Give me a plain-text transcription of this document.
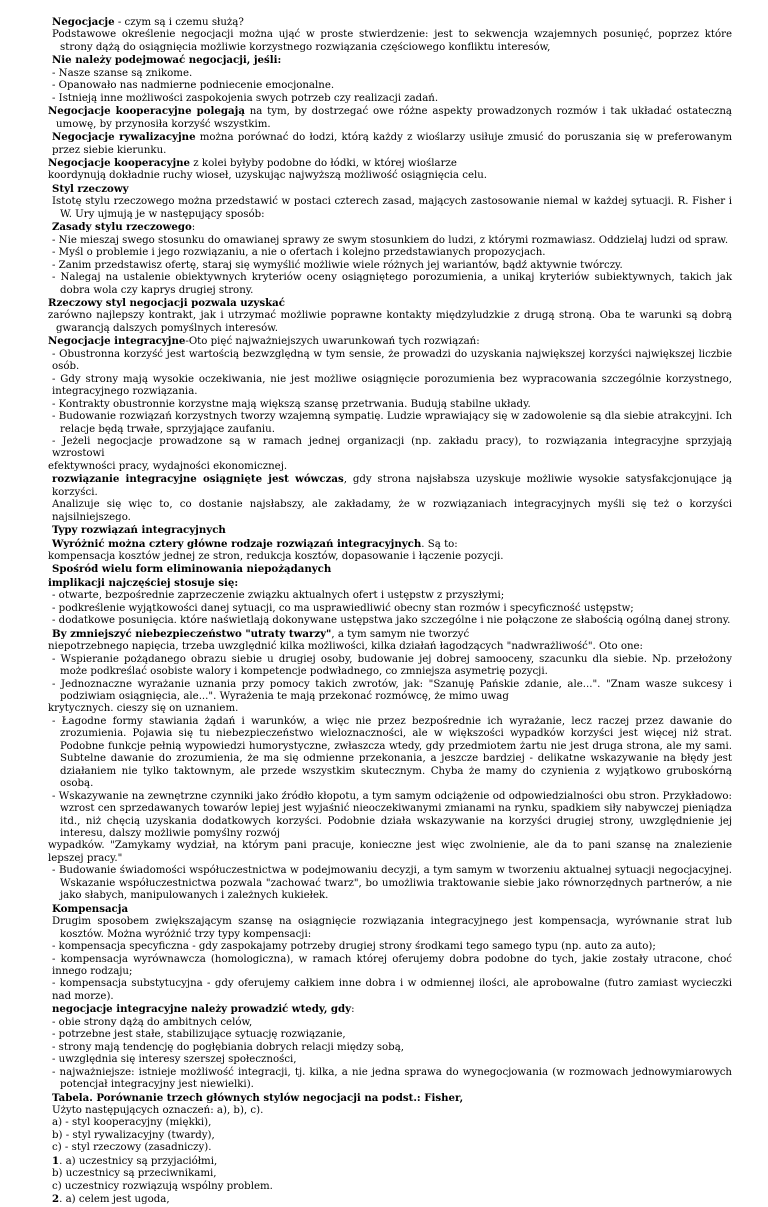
Negocjacje - czym są i czemu służą?

Podstawowe określenie negocjacji można ująć w proste stwierdzenie: jest to sekwencja wzajemnych posunięć, poprzez które strony dążą do osiągnięcia możliwie korzystnego rozwiązania częściowego konfliktu interesów,

Nie należy podejmować negocjacji, jeśli:

- Nasze szanse są znikome.

- Opanowało nas nadmierne podniecenie emocjonalne.

- Istnieją inne możliwości zaspokojenia swych potrzeb czy realizacji zadań.

Negocjacje kooperacyjne polegają na tym, by dostrzegać owe różne aspekty prowadzonych rozmów i tak układać ostateczną umowę, by przynosiła korzyść wszystkim.

Negocjacje rywalizacyjne można porównać do łodzi, którą każdy z wioślarzy usiłuje zmusić do poruszania się w preferowanym przez siebie kierunku.

Negocjacje kooperacyjne z kolei byłyby podobne do łódki, w której wioślarze

koordynują dokładnie ruchy wioseł, uzyskując najwyższą możliwość osiągnięcia celu.

Styl rzeczowy

Istotę stylu rzeczowego można przedstawić w postaci czterech zasad, mających zastosowanie niemal w każdej sytuacji. R. Fisher i W. Ury ujmują je w następujący sposób:

Zasady stylu rzeczowego:

- Nie mieszaj swego stosunku do omawianej sprawy ze swym stosunkiem do ludzi, z którymi rozmawiasz. Oddzielaj ludzi od spraw.

- Myśl o problemie i jego rozwiązaniu, a nie o ofertach i kolejno przedstawianych propozycjach.

- Zanim przedstawisz ofertę, staraj się wymyślić możliwie wiele różnych jej wariantów, bądź aktywnie twórczy.

- Nalegaj na ustalenie obiektywnych kryteriów oceny osiągniętego porozumienia, a unikaj kryteriów subiektywnych, takich jak dobra wola czy kaprys drugiej strony.

Rzeczowy styl negocjacji pozwala uzyskać

zarówno najlepszy kontrakt, jak i utrzymać możliwie poprawne kontakty międzyludzkie z drugą stroną. Oba te warunki są dobrą gwarancją dalszych pomyślnych interesów.

Negocjacje integracyjne-Oto pięć najważniejszych uwarunkowań tych rozwiązań:

- Obustronna korzyść jest wartością bezwzględną w tym sensie, że prowadzi do uzyskania największej korzyści największej liczbie osób.

- Gdy strony mają wysokie oczekiwania, nie jest możliwe osiągnięcie porozumienia bez wypracowania szczególnie korzystnego, integracyjnego rozwiązania.

- Kontrakty obustronnie korzystne mają większą szansę przetrwania. Budują stabilne układy.

- Budowanie rozwiązań korzystnych tworzy wzajemną sympatię. Ludzie wprawiający się w zadowolenie są dla siebie atrakcyjni. Ich relacje będą trwałe, sprzyjające zaufaniu.

- Jeżeli negocjacje prowadzone są w ramach jednej organizacji (np. zakładu pracy), to rozwiązania integracyjne sprzyjają wzrostowi

efektywności pracy, wydajności ekonomicznej.

rozwiązanie integracyjne osiągnięte jest wówczas, gdy strona najsłabsza uzyskuje możliwie wysokie satysfakcjonujące ją korzyści.

Analizuje się więc to, co dostanie najsłabszy, ale zakładamy, że w rozwiązaniach integracyjnych myśli się też o korzyści najsilniejszego.

Typy rozwiązań integracyjnych

Wyróżnić można cztery główne rodzaje rozwiązań integracyjnych. Są to:

kompensacja kosztów jednej ze stron, redukcja kosztów, dopasowanie i łączenie pozycji.

Spośród wielu form eliminowania niepożądanych

implikacji najczęściej stosuje się:

- otwarte, bezpośrednie zaprzeczenie związku aktualnych ofert i ustępstw z przyszłymi;

- podkreślenie wyjątkowości danej sytuacji, co ma usprawiedliwić obecny stan rozmów i specyficzność ustępstw;

- dodatkowe posunięcia. które naświetlają dokonywane ustępstwa jako szczególne i nie połączone ze słabością ogólną danej strony.

By zmniejszyć niebezpieczeństwo "utraty twarzy", a tym samym nie tworzyć

niepotrzebnego napięcia, trzeba uwzględnić kilka możliwości, kilka działań łagodzących "nadwrażliwość". Oto one:

- Wspieranie pożądanego obrazu siebie u drugiej osoby, budowanie jej dobrej samooceny, szacunku dla siebie. Np. przełożony może podkreślać osobiste walory i kompetencje podwładnego, co zmniejsza asymetrię pozycji.

- Jednoznaczne wyrażanie uznania przy pomocy takich zwrotów, jak: "Szanuję Pańskie zdanie, ale...". "Znam wasze sukcesy i podziwiam osiągnięcia, ale...". Wyrażenia te mają przekonać rozmówcę, że mimo uwag

krytycznych. cieszy się on uznaniem.

- Łagodne formy stawiania żądań i warunków, a więc nie przez bezpośrednie ich wyrażanie, lecz raczej przez dawanie do zrozumienia. Pojawia się tu niebezpieczeństwo wieloznaczności, ale w większości wypadków korzyści jest więcej niż strat. Podobne funkcje pełnią wypowiedzi humorystyczne, zwłaszcza wtedy, gdy przedmiotem żartu nie jest druga strona, ale my sami. Subtelne dawanie do zrozumienia, że ma się odmienne przekonania, a jeszcze bardziej - delikatne wskazywanie na błędy jest działaniem nie tylko taktownym, ale przede wszystkim skutecznym. Chyba że mamy do czynienia z wyjątkowo gruboskórną osobą.

- Wskazywanie na zewnętrzne czynniki jako źródło kłopotu, a tym samym odciążenie od odpowiedzialności obu stron. Przykładowo: wzrost cen sprzedawanych towarów lepiej jest wyjaśnić nieoczekiwanymi zmianami na rynku, spadkiem siły nabywczej pieniądza itd., niż chęcią uzyskania dodatkowych korzyści. Podobnie działa wskazywanie na korzyści drugiej strony, uwzględnienie jej interesu, dalszy możliwie pomyślny rozwój

wypadków. "Zamykamy wydział, na którym pani pracuje, konieczne jest więc zwolnienie, ale da to pani szansę na znalezienie lepszej pracy."

- Budowanie świadomości współuczestnictwa w podejmowaniu decyzji, a tym samym w tworzeniu aktualnej sytuacji negocjacyjnej. Wskazanie współuczestnictwa pozwala "zachować twarz", bo umożliwia traktowanie siebie jako równorzędnych partnerów, a nie jako słabych, manipulowanych i zależnych kukiełek.

Kompensacja

Drugim sposobem zwiększającym szansę na osiągnięcie rozwiązania integracyjnego jest kompensacja, wyrównanie strat lub kosztów. Można wyróżnić trzy typy kompensacji:

- kompensacja specyficzna - gdy zaspokajamy potrzeby drugiej strony środkami tego samego typu (np. auto za auto);

- kompensacja wyrównawcza (homologiczna), w ramach której oferujemy dobra podobne do tych, jakie zostały utracone, choć innego rodzaju;

- kompensacja substytucyjna - gdy oferujemy całkiem inne dobra i w odmiennej ilości, ale aprobowalne (futro zamiast wycieczki nad morze).

negocjacje integracyjne należy prowadzić wtedy, gdy:

- obie strony dążą do ambitnych celów,

- potrzebne jest stałe, stabilizujące sytuację rozwiązanie,

- strony mają tendencję do pogłębiania dobrych relacji między sobą,

- uwzględnia się interesy szerszej społeczności,

- najważniejsze: istnieje możliwość integracji, tj. kilka, a nie jedna sprawa do wynegocjowania (w rozmowach jednowymiarowych potencjał integracyjny jest niewielki).

Tabela. Porównanie trzech głównych stylów negocjacji na podst.: Fisher,

Użyto następujących oznaczeń: a), b), c).

a) - styl kooperacyjny (miękki),

b) - styl rywalizacyjny (twardy),

c) - styl rzeczowy (zasadniczy).

1. a) uczestnicy są przyjaciółmi,

b) uczestnicy są przeciwnikami,

c) uczestnicy rozwiązują wspólny problem.

2. a) celem jest ugoda,
